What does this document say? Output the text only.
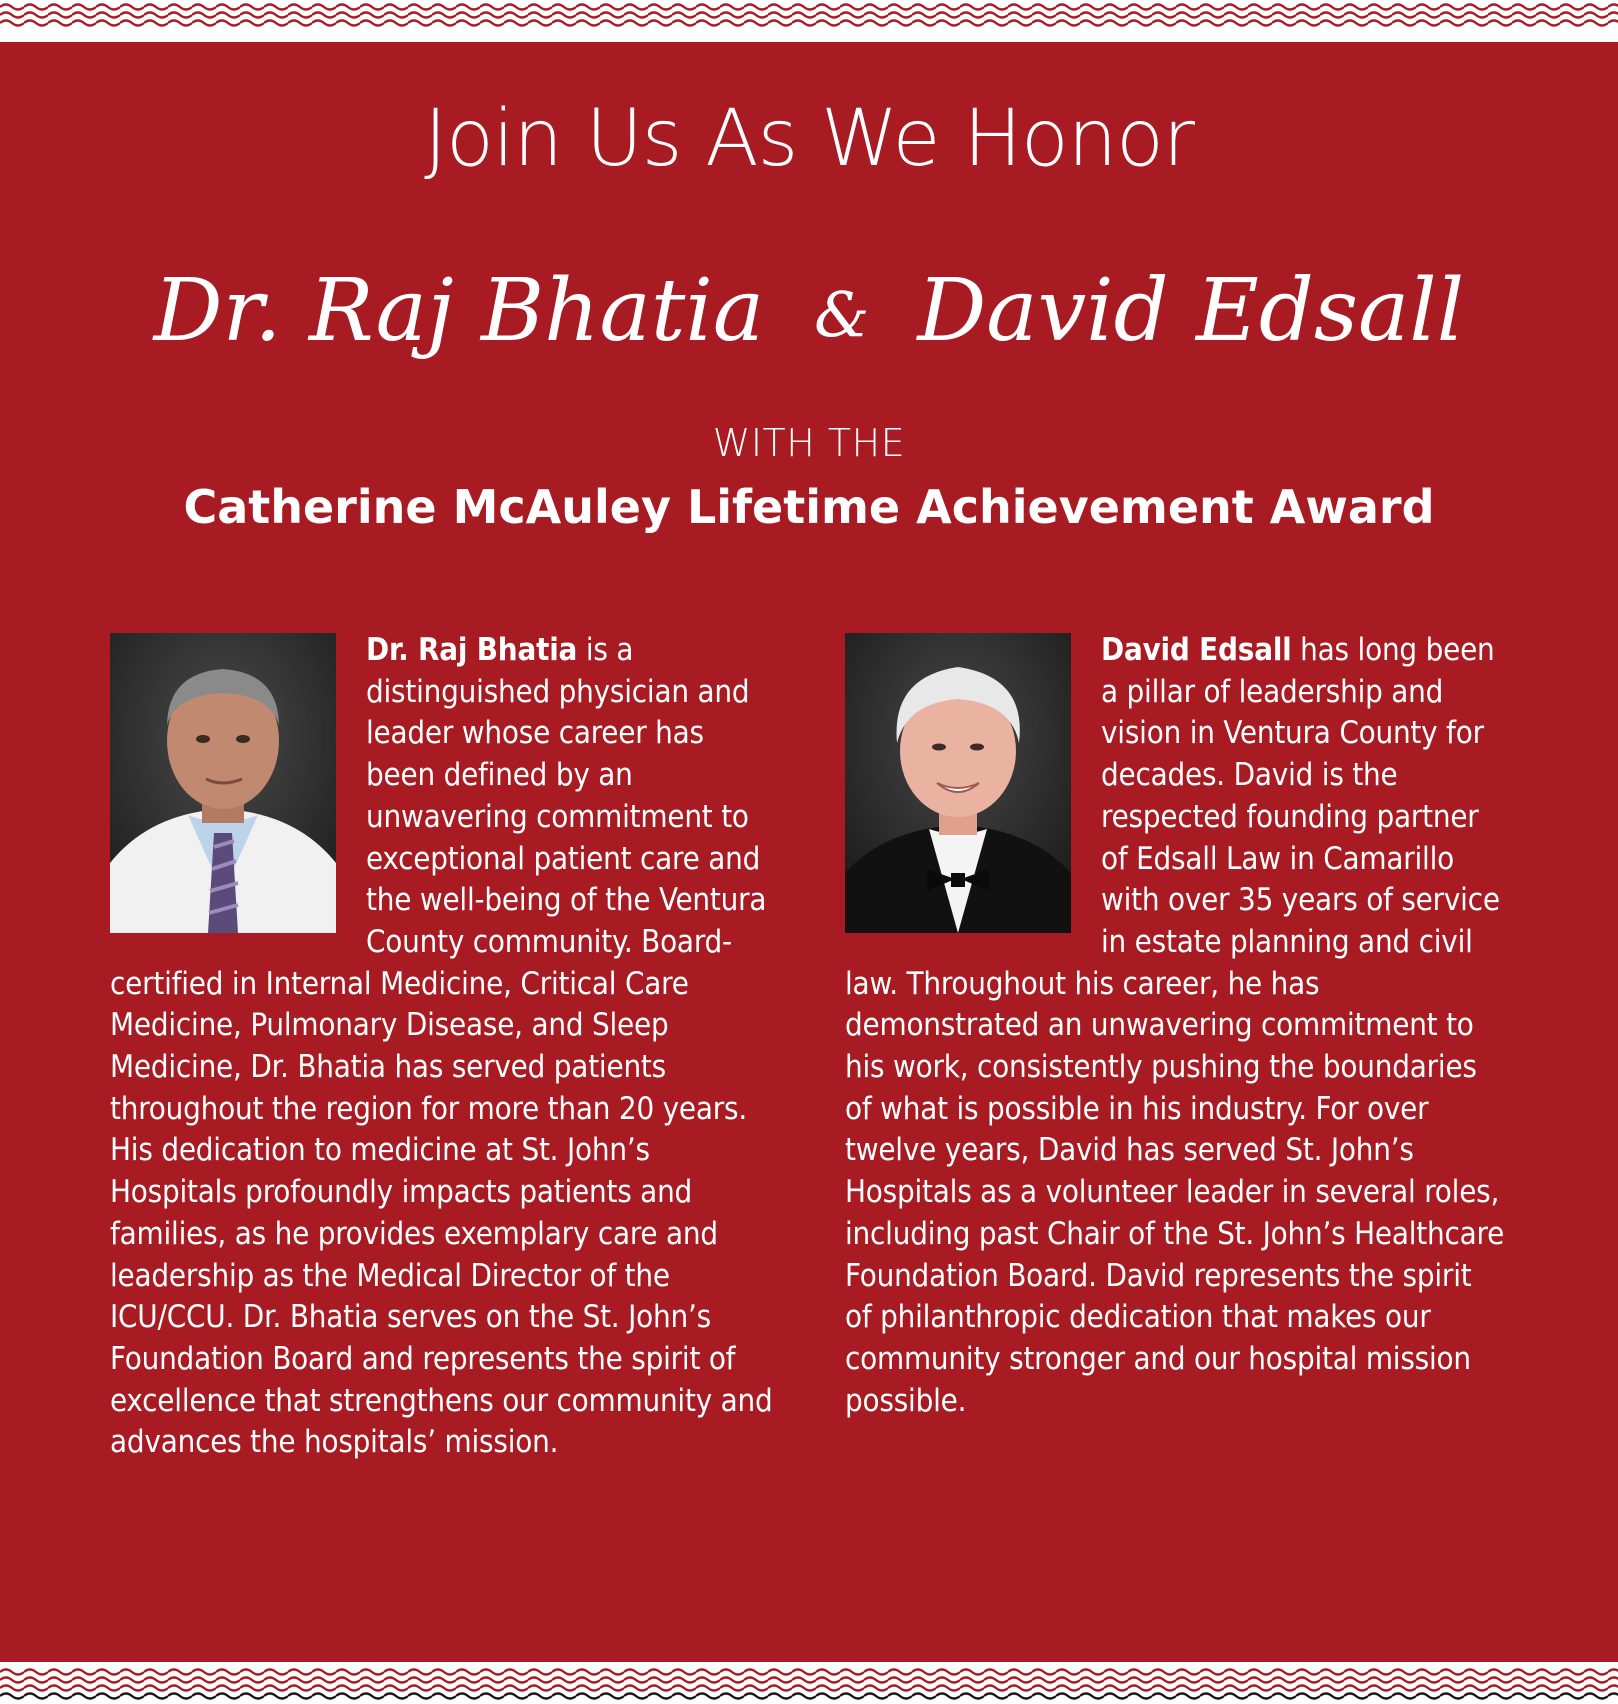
Join Us As We Honor
Dr. Raj Bhatia & David Edsall
WITH THE
Catherine McAuley Lifetime Achievement Award

Dr. Raj Bhatia is a distinguished physician and leader whose career has been defined by an unwavering commitment to exceptional patient care and the well-being of the Ventura County community. Board-certified in Internal Medicine, Critical Care Medicine, Pulmonary Disease, and Sleep Medicine, Dr. Bhatia has served patients throughout the region for more than 20 years. His dedication to medicine at St. John’s Hospitals profoundly impacts patients and families, as he provides exemplary care and leadership as the Medical Director of the ICU/CCU. Dr. Bhatia serves on the St. John’s Foundation Board and represents the spirit of excellence that strengthens our community and advances the hospitals’ mission.

David Edsall has long been a pillar of leadership and vision in Ventura County for decades. David is the respected founding partner of Edsall Law in Camarillo with over 35 years of service in estate planning and civil law. Throughout his career, he has demonstrated an unwavering commitment to his work, consistently pushing the boundaries of what is possible in his industry. For over twelve years, David has served St. John’s Hospitals as a volunteer leader in several roles, including past Chair of the St. John’s Healthcare Foundation Board. David represents the spirit of philanthropic dedication that makes our community stronger and our hospital mission possible.
